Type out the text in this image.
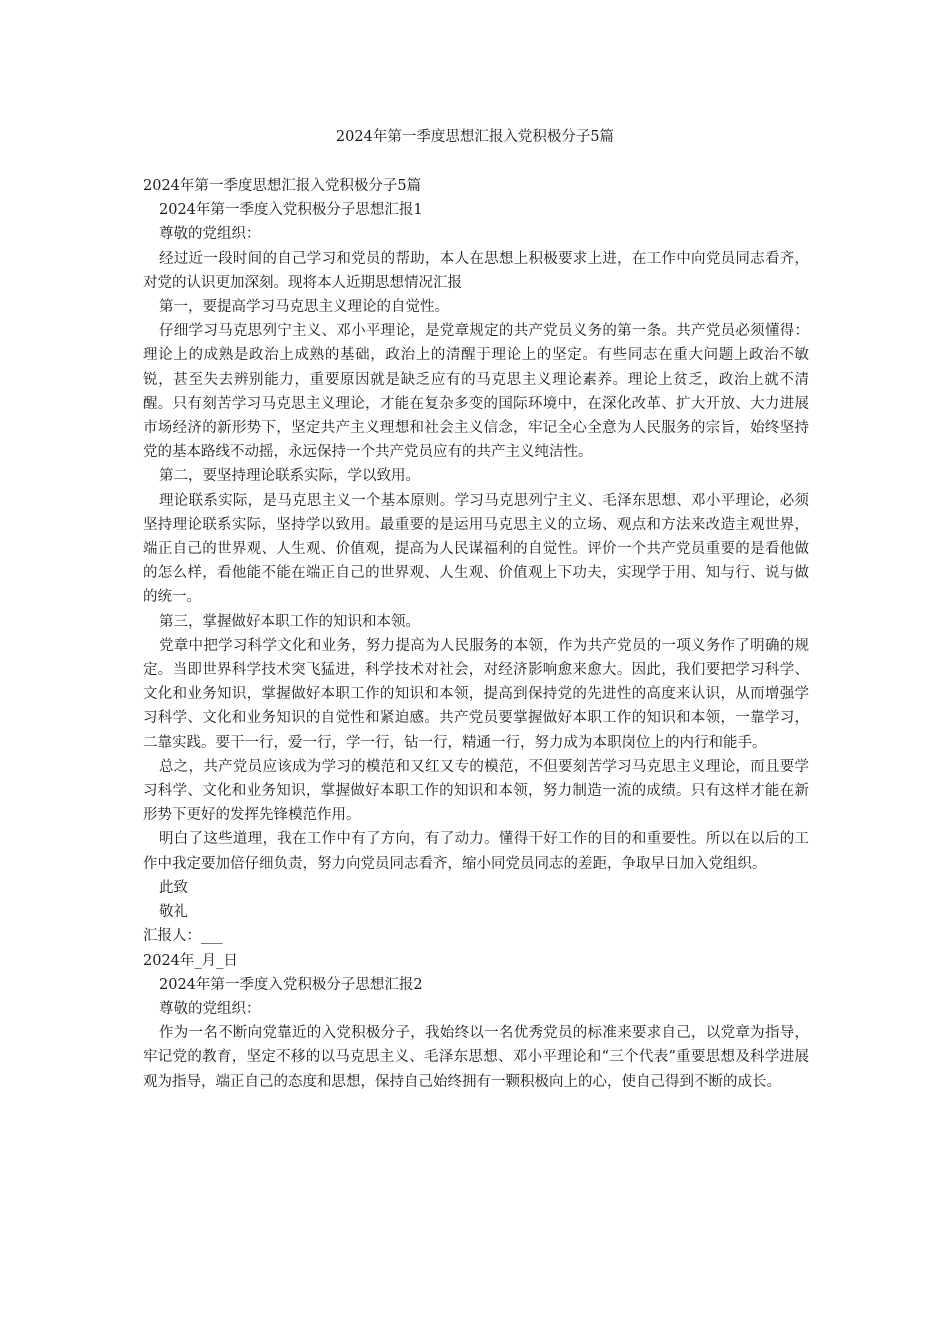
2024年第一季度思想汇报入党积极分子5篇

2024年第一季度思想汇报入党积极分子5篇

2024年第一季度入党积极分子思想汇报1

尊敬的党组织：

经过近一段时间的自己学习和党员的帮助，本人在思想上积极要求上进，在工作中向党员同志看齐，对党的认识更加深刻。现将本人近期思想情况汇报

第一，要提高学习马克思主义理论的自觉性。

仔细学习马克思列宁主义、邓小平理论，是党章规定的共产党员义务的第一条。共产党员必须懂得：理论上的成熟是政治上成熟的基础，政治上的清醒于理论上的坚定。有些同志在重大问题上政治不敏锐，甚至失去辨别能力，重要原因就是缺乏应有的马克思主义理论素养。理论上贫乏，政治上就不清醒。只有刻苦学习马克思主义理论，才能在复杂多变的国际环境中，在深化改革、扩大开放、大力进展市场经济的新形势下，坚定共产主义理想和社会主义信念，牢记全心全意为人民服务的宗旨，始终坚持党的基本路线不动摇，永远保持一个共产党员应有的共产主义纯洁性。

第二，要坚持理论联系实际，学以致用。

理论联系实际，是马克思主义一个基本原则。学习马克思列宁主义、毛泽东思想、邓小平理论，必须坚持理论联系实际，坚持学以致用。最重要的是运用马克思主义的立场、观点和方法来改造主观世界，端正自己的世界观、人生观、价值观，提高为人民谋福利的自觉性。评价一个共产党员重要的是看他做的怎么样，看他能不能在端正自己的世界观、人生观、价值观上下功夫，实现学于用、知与行、说与做的统一。

第三，掌握做好本职工作的知识和本领。

党章中把学习科学文化和业务，努力提高为人民服务的本领，作为共产党员的一项义务作了明确的规定。当即世界科学技术突飞猛进，科学技术对社会，对经济影响愈来愈大。因此，我们要把学习科学、文化和业务知识，掌握做好本职工作的知识和本领，提高到保持党的先进性的高度来认识，从而增强学习科学、文化和业务知识的自觉性和紧迫感。共产党员要掌握做好本职工作的知识和本领，一靠学习，二靠实践。要干一行，爱一行，学一行，钻一行，精通一行，努力成为本职岗位上的内行和能手。

总之，共产党员应该成为学习的模范和又红又专的模范，不但要刻苦学习马克思主义理论，而且要学习科学、文化和业务知识，掌握做好本职工作的知识和本领，努力制造一流的成绩。只有这样才能在新形势下更好的发挥先锋模范作用。

明白了这些道理，我在工作中有了方向，有了动力。懂得干好工作的目的和重要性。所以在以后的工作中我定要加倍仔细负责，努力向党员同志看齐，缩小同党员同志的差距，争取早日加入党组织。

此致

敬礼

汇报人：___

2024年_月_日

2024年第一季度入党积极分子思想汇报2

尊敬的党组织：

作为一名不断向党靠近的入党积极分子，我始终以一名优秀党员的标准来要求自己，以党章为指导，牢记党的教育，坚定不移的以马克思主义、毛泽东思想、邓小平理论和“三个代表”重要思想及科学进展观为指导，端正自己的态度和思想，保持自己始终拥有一颗积极向上的心，使自己得到不断的成长。
